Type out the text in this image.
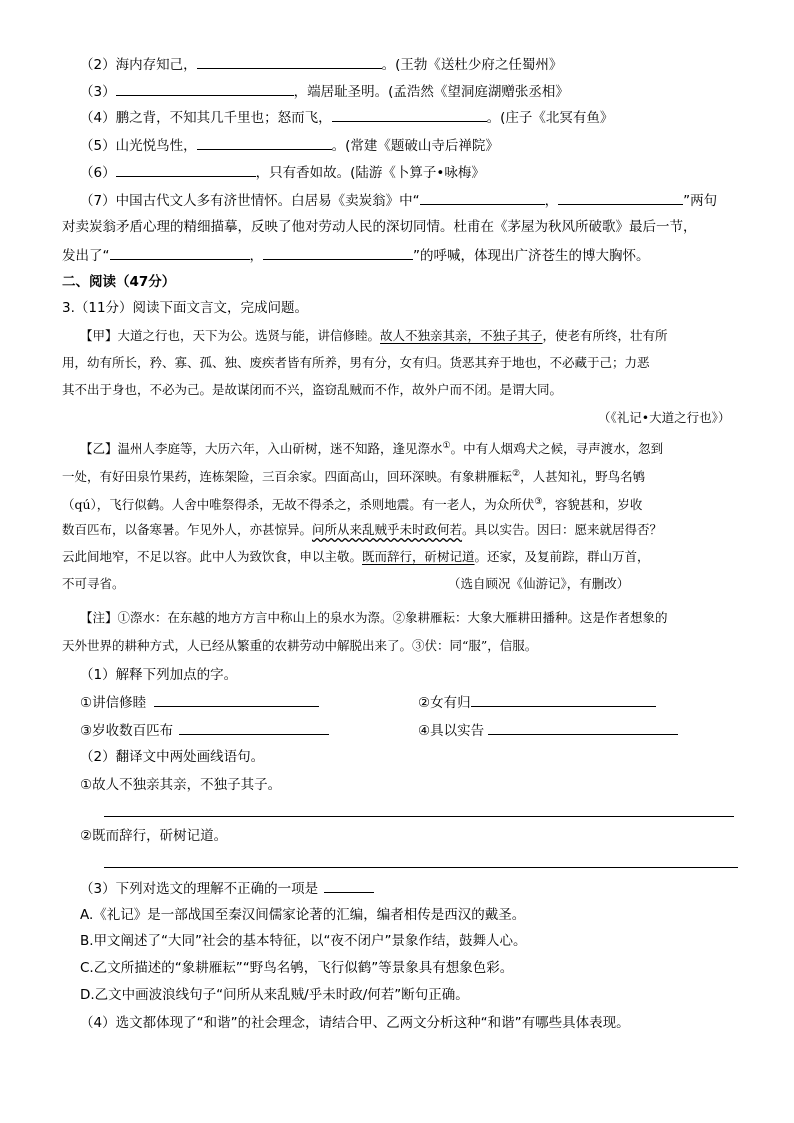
（2）海内存知己，	。(王勃《送杜少府之任蜀州》
（3）	，端居耻圣明。(孟浩然《望洞庭湖赠张丞相》
（4）鹏之背，不知其几千里也；怒而飞，	。(庄子《北冥有鱼》
（5）山光悦鸟性，	。(常建《题破山寺后禅院》
（6）	，只有香如故。(陆游《卜算子•咏梅》
（7）中国古代文人多有济世情怀。白居易《卖炭翁》中“	，	”两句
对卖炭翁矛盾心理的精细描摹，反映了他对劳动人民的深切同情。杜甫在《茅屋为秋风所破歌》最后一节，
发出了“	，	”的呼喊，体现出广济苍生的博大胸怀。
二、阅读（47分）
3.（11分）阅读下面文言文，完成问题。
【甲】大道之行也，天下为公。选贤与能，讲信修睦。故人不独亲其亲，不独子其子，使老有所终，壮有所
用，幼有所长，矜、寡、孤、独、废疾者皆有所养，男有分，女有归。货恶其弃于地也，不必藏于己；力恶
其不出于身也，不必为己。是故谋闭而不兴，盗窃乱贼而不作，故外户而不闭。是谓大同。
（《礼记•大道之行也》）
【乙】温州人李庭等，大历六年，入山斫树，迷不知路，逢见漈水①。中有人烟鸡犬之候，寻声渡水，忽到
一处，有好田泉竹果药，连栋架险，三百余家。四面高山，回环深映。有象耕雁耘②，人甚知礼，野鸟名鸲
（qú），飞行似鹤。人舍中唯祭得杀，无故不得杀之，杀则地震。有一老人，为众所伏③，容貌甚和，岁收
数百匹布，以备寒暑。乍见外人，亦甚惊异。问所从来乱贼乎未时政何若。具以实告。因曰：愿来就居得否？
云此间地窄，不足以容。此中人为致饮食，申以主敬。既而辞行，斫树记道。还家，及复前踪，群山万首，
不可寻省。	（选自顾况《仙游记》，有删改）
【注】①漈水：在东越的地方方言中称山上的泉水为漈。②象耕雁耘：大象大雁耕田播种。这是作者想象的
天外世界的耕种方式，人已经从繁重的农耕劳动中解脱出来了。③伏：同“服”，信服。
（1）解释下列加点的字。
①讲信修睦	②女有归
③岁收数百匹布	④具以实告
（2）翻译文中两处画线语句。
①故人不独亲其亲，不独子其子。
②既而辞行，斫树记道。
（3）下列对选文的理解不正确的一项是
A.《礼记》是一部战国至秦汉间儒家论著的汇编，编者相传是西汉的戴圣。
B.甲文阐述了“大同”社会的基本特征，以“夜不闭户”景象作结，鼓舞人心。
C.乙文所描述的“象耕雁耘”“野鸟名鸲，飞行似鹤”等景象具有想象色彩。
D.乙文中画波浪线句子“问所从来乱贼/乎未时政/何若”断句正确。
（4）选文都体现了“和谐”的社会理念，请结合甲、乙两文分析这种“和谐”有哪些具体表现。
